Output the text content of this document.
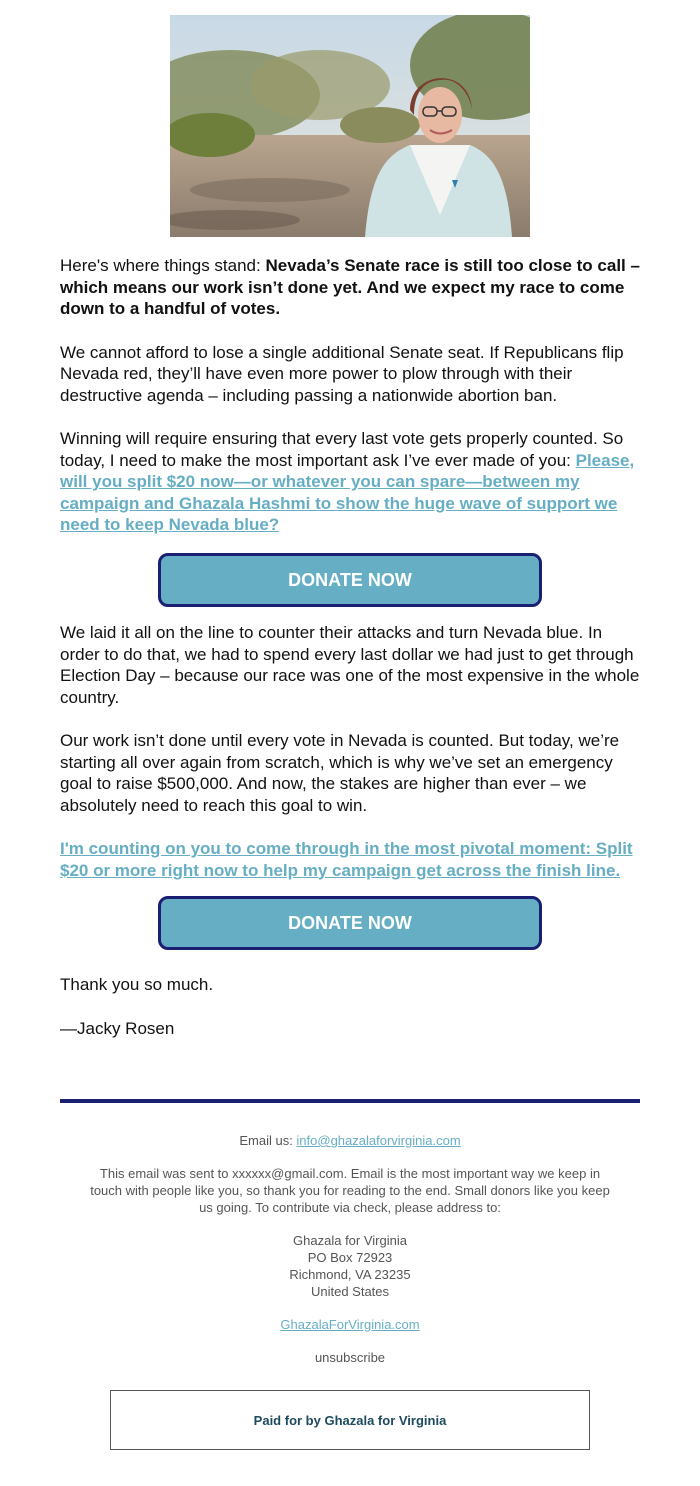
Here's where things stand: Nevada’s Senate race is still too close to call – which means our work isn’t done yet. And we expect my race to come down to a handful of votes.

We cannot afford to lose a single additional Senate seat. If Republicans flip Nevada red, they’ll have even more power to plow through with their destructive agenda – including passing a nationwide abortion ban.

Winning will require ensuring that every last vote gets properly counted. So today, I need to make the most important ask I’ve ever made of you: Please, will you split $20 now—or whatever you can spare—between my campaign and Ghazala Hashmi to show the huge wave of support we need to keep Nevada blue?

DONATE NOW

We laid it all on the line to counter their attacks and turn Nevada blue. In order to do that, we had to spend every last dollar we had just to get through Election Day – because our race was one of the most expensive in the whole country.

Our work isn’t done until every vote in Nevada is counted. But today, we’re starting all over again from scratch, which is why we’ve set an emergency goal to raise $500,000. And now, the stakes are higher than ever – we absolutely need to reach this goal to win.

I'm counting on you to come through in the most pivotal moment: Split $20 or more right now to help my campaign get across the finish line.

DONATE NOW

Thank you so much.

—Jacky Rosen

Email us: info@ghazalaforvirginia.com

This email was sent to xxxxxx@gmail.com. Email is the most important way we keep in touch with people like you, so thank you for reading to the end. Small donors like you keep us going. To contribute via check, please address to:

Ghazala for Virginia
PO Box 72923
Richmond, VA 23235
United States

GhazalaForVirginia.com

unsubscribe

Paid for by Ghazala for Virginia
